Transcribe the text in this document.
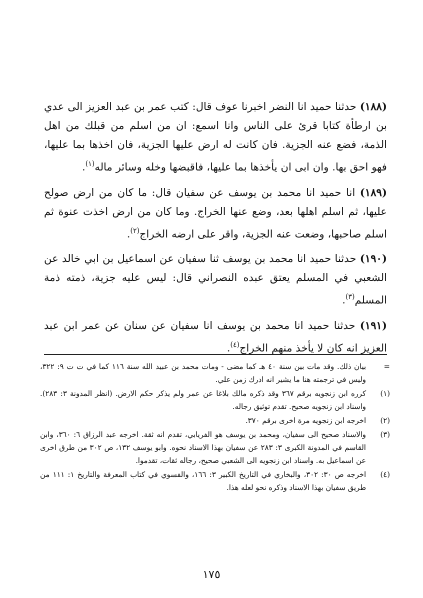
(١٨٨) حدثنا حميد انا النضر اخبرنا عوف قال: كتب عمر بن عبد العزيز الى عدي بن ارطأة كتابا قرئ على الناس وانا اسمع: ان من اسلم من قبلك من اهل الذمة، فضع عنه الجزية. فان كانت له ارض عليها الجزية، فان اخذها بما عليها، فهو احق بها. وان ابى ان يأخذها بما عليها، فاقبضها وخله وسائر ماله$^{(١)}$.

(١٨٩) انا حميد انا محمد بن يوسف عن سفيان قال: ما كان من ارض صولح عليها، ثم اسلم اهلها بعد، وضع عنها الخراج. وما كان من ارض اخذت عنوة ثم اسلم صاحبها، وضعت عنه الجزية، واقر على ارضه الخراج$^{(٢)}$.

(١٩٠) حدثنا حميد انا محمد بن يوسف ثنا سفيان عن اسماعيل بن ابي خالد عن الشعبي في المسلم يعتق عبده النصراني قال: ليس عليه جزية، ذمته ذمة المسلم$^{(٣)}$.

(١٩١) حدثنا حميد انا محمد بن يوسف انا سفيان عن سنان عن عمر ابن عبد العزيز انه كان لا يأخذ منهم الخراج$^{(٤)}$.

=
بيان ذلك. وقد مات بين سنة ٤٠ هـ كما مضى - ومات محمد بن عبيد الله سنة ١١٦ كما في ت ت ٩: ٣٢٢، وليس في ترجمته هنا ما يشير انه ادرك زمن علي.
(١)
كرره ابن زنجويه برقم ٣٦٧ وقد ذكره مالك بلاغا عن عمر ولم يذكر حكم الارض. (انظر المدونة ٣: ٢٨٣). واسناد ابن زنجويه صحيح. تقدم توثيق رجاله.
(٢)
اخرجه ابن زنجويه مرة اخرى برقم ٣٧٠.
(٣)
والاسناد صحيح الى سفيان، ومحمد بن يوسف هو الفريابي، تقدم انه ثقة. اخرجه عبد الرزاق ٦: ٣٦٠، وابن القاسم في المدونة الكبرى ٣: ٢٨٣ عن سفيان بهذا الاسناد نحوه. وابو يوسف ١٣٢، ص ٣٠٢ من طرق اخرى عن اسماعيل به. واسناد ابن زنجويه الى الشعبي صحيح، رجاله ثقات، تقدموا.
(٤)
اخرجه ص ٣٠: ٣٠٢، والبخاري في التاريخ الكبير ٣: ١٦٦، والفسوي في كتاب المعرفة والتاريخ ١: ١١١ من طريق سفيان بهذا الاسناد وذكره نحو لعله هذا.
١٧٥
